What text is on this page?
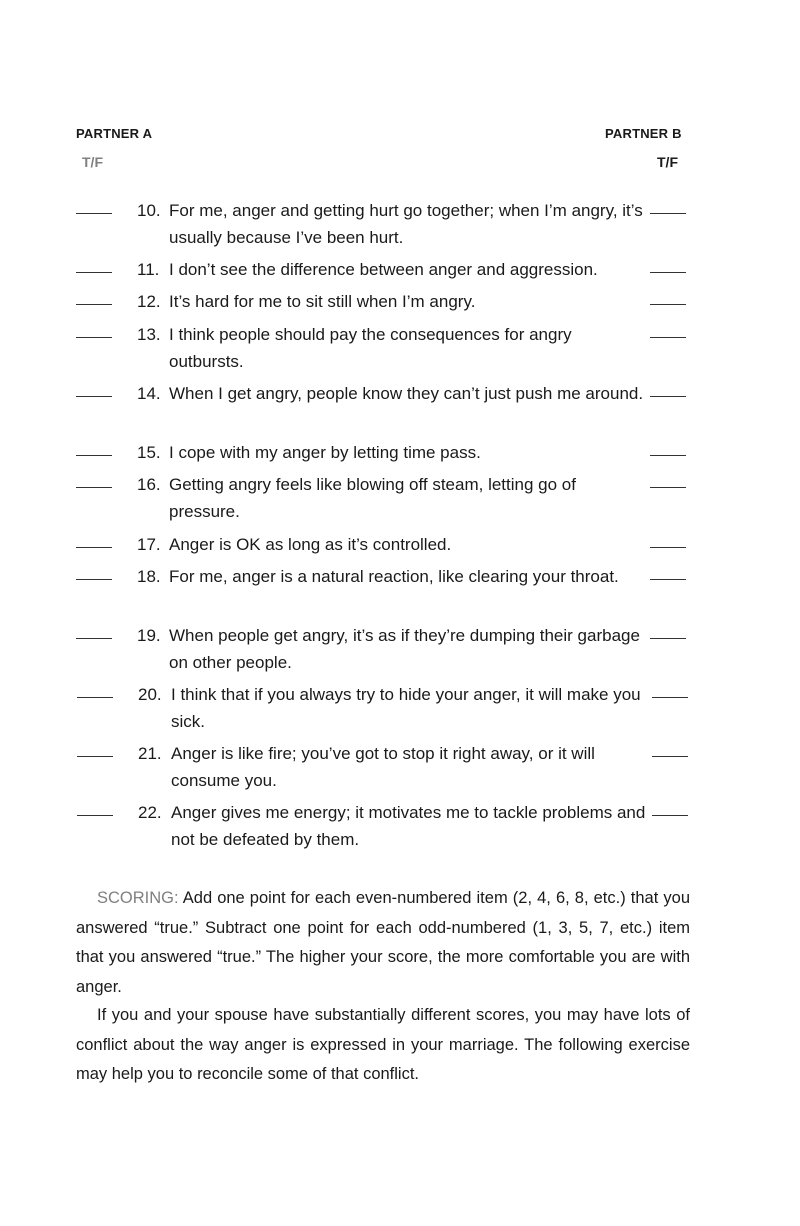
PARTNER A	PARTNER B
T/F	T/F
10. For me, anger and getting hurt go together; when I’m angry, it’s usually because I’ve been hurt.
11. I don’t see the difference between anger and aggression.
12. It’s hard for me to sit still when I’m angry.
13. I think people should pay the consequences for angry outbursts.
14. When I get angry, people know they can’t just push me around.
15. I cope with my anger by letting time pass.
16. Getting angry feels like blowing off steam, letting go of pressure.
17. Anger is OK as long as it’s controlled.
18. For me, anger is a natural reaction, like clearing your throat.
19. When people get angry, it’s as if they’re dumping their garbage on other people.
20. I think that if you always try to hide your anger, it will make you sick.
21. Anger is like fire; you’ve got to stop it right away, or it will consume you.
22. Anger gives me energy; it motivates me to tackle problems and not be defeated by them.
SCORING: Add one point for each even-numbered item (2, 4, 6, 8, etc.) that you answered “true.” Subtract one point for each odd-numbered (1, 3, 5, 7, etc.) item that you answered “true.” The higher your score, the more comfortable you are with anger.
If you and your spouse have substantially different scores, you may have lots of conflict about the way anger is expressed in your marriage. The following exercise may help you to reconcile some of that conflict.
